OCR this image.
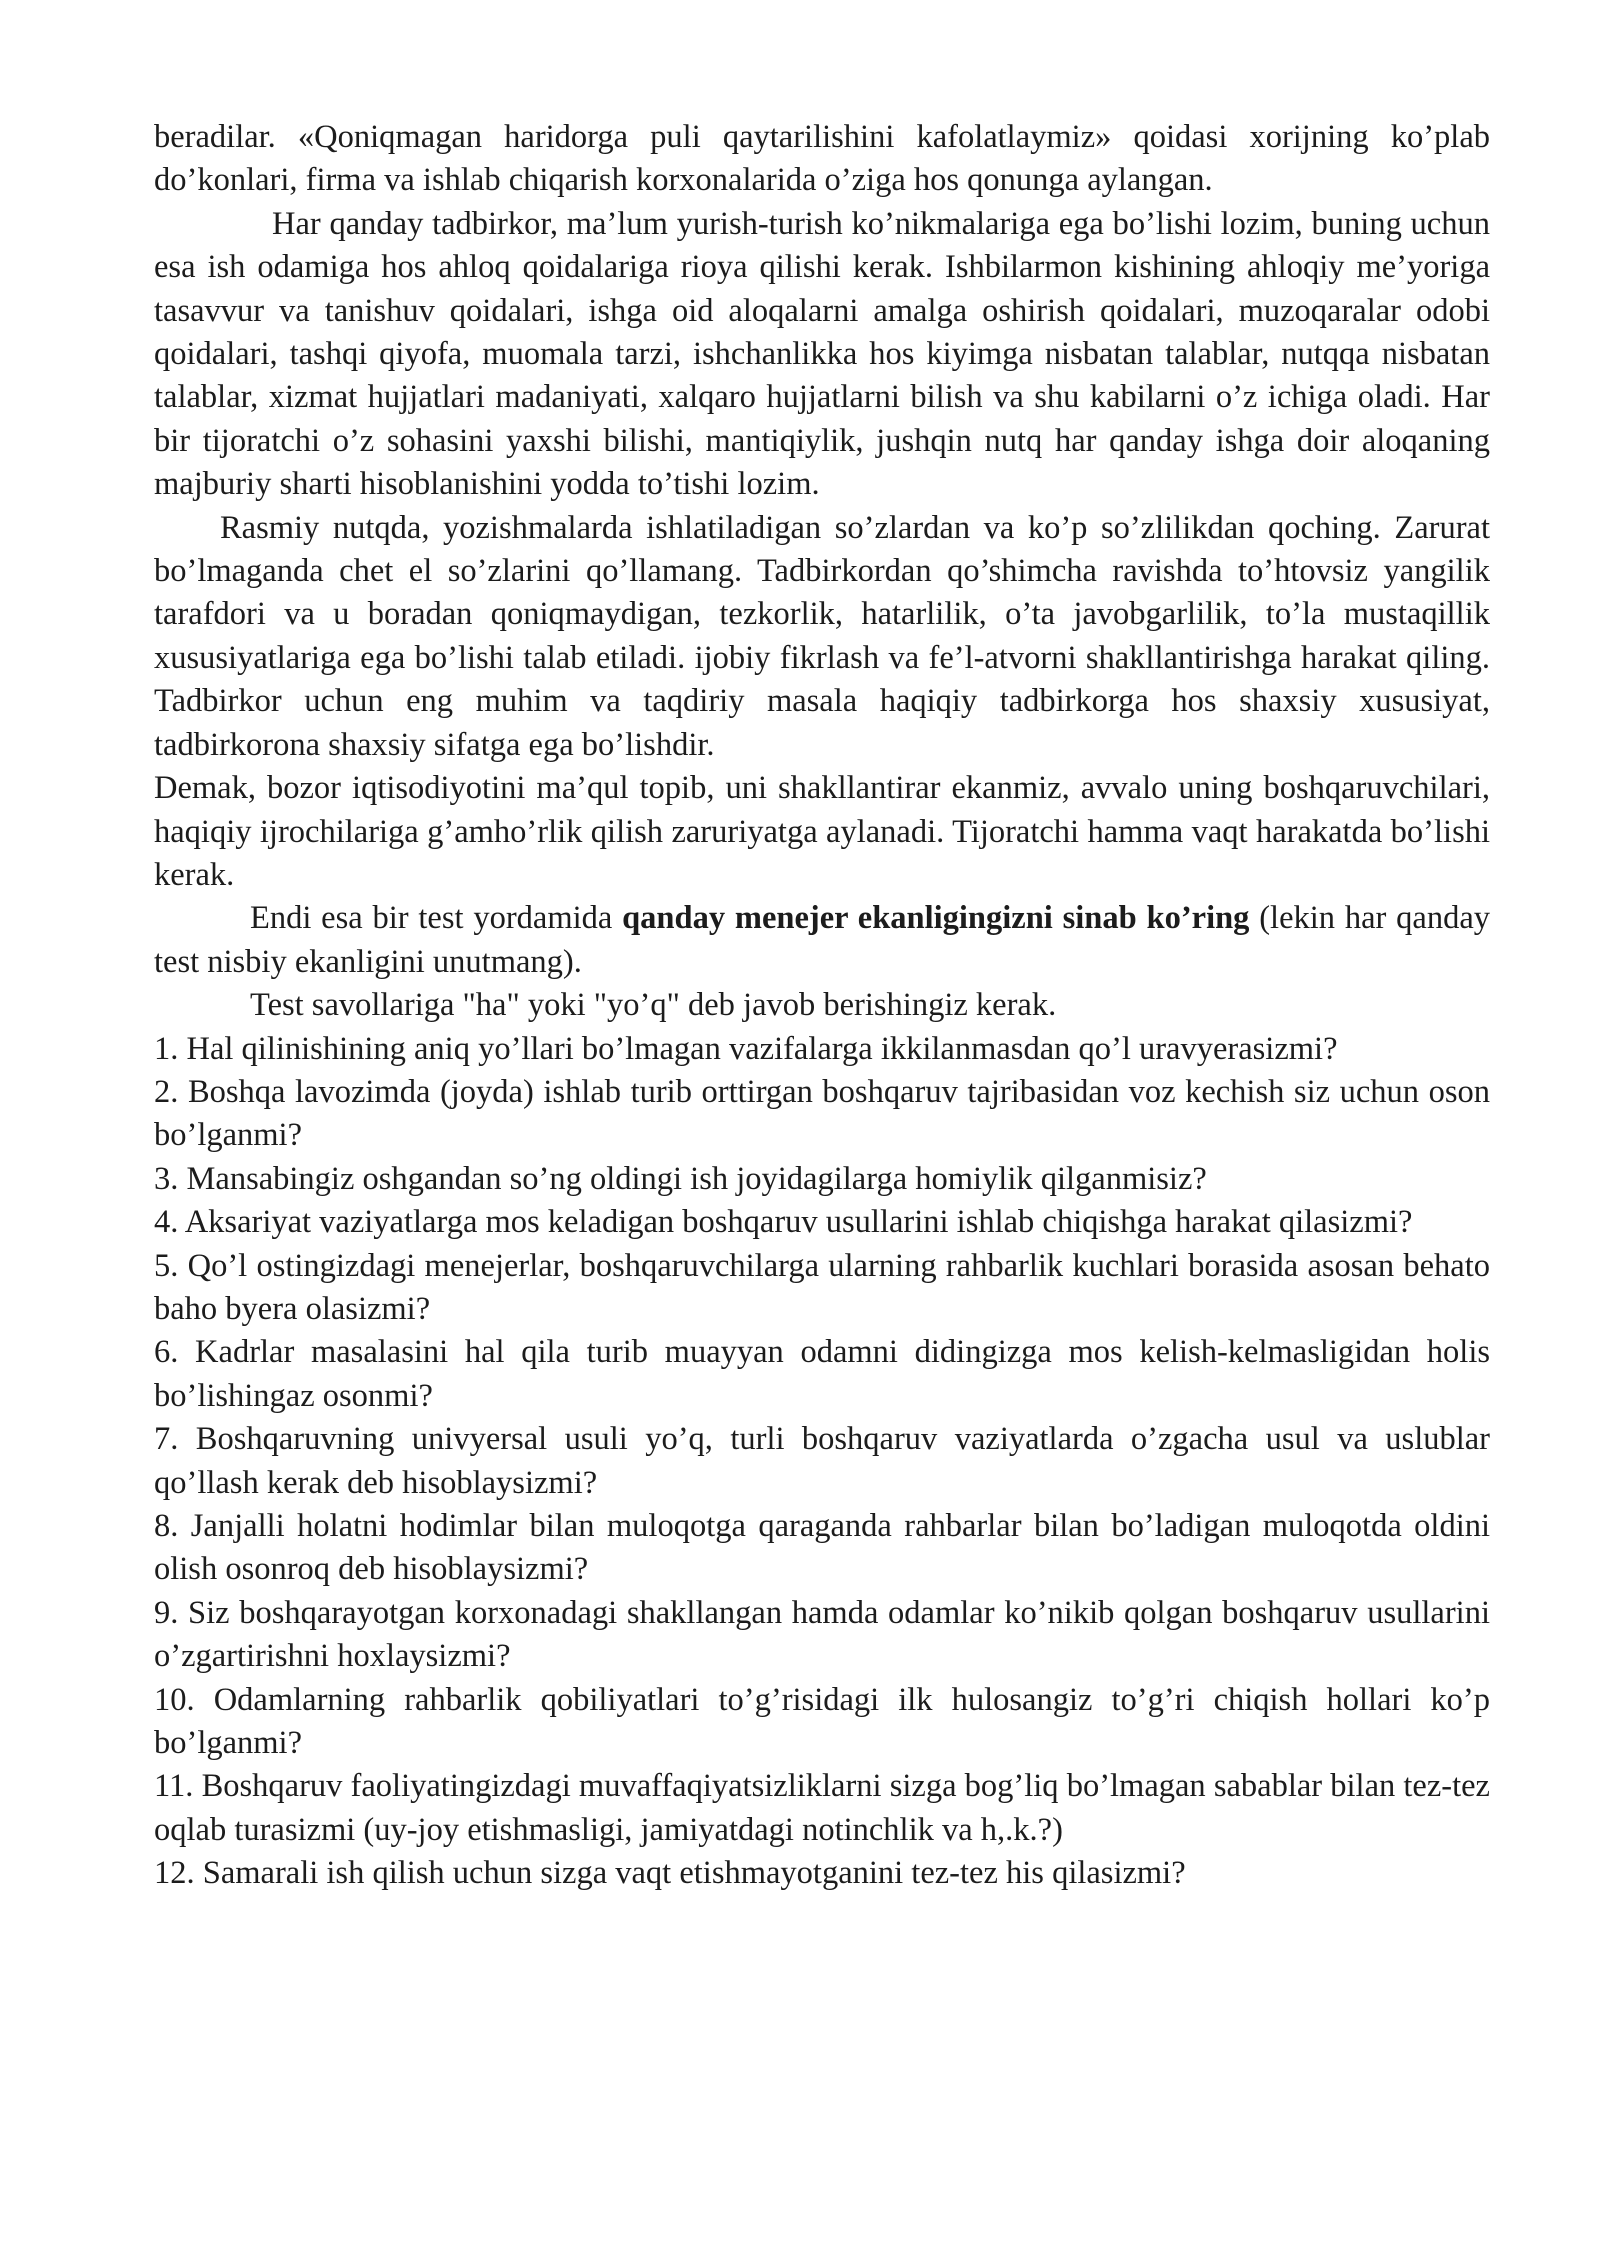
beradilar. «Qoniqmagan haridorga puli qaytarilishini kafolatlaymiz» qoidasi xorijning ko’plab do’konlari, firma va ishlab chiqarish korxonalarida o’ziga hos qonunga aylangan.

Har qanday tadbirkor, ma’lum yurish-turish ko’nikmalariga ega bo’lishi lozim, buning uchun esa ish odamiga hos ahloq qoidalariga rioya qilishi kerak. Ishbilarmon kishining ahloqiy me’yoriga tasavvur va tanishuv qoidalari, ishga oid aloqalarni amalga oshirish qoidalari, muzoqaralar odobi qoidalari, tashqi qiyofa, muomala tarzi, ishchanlikka hos kiyimga nisbatan talablar, nutqqa nisbatan talablar, xizmat hujjatlari madaniyati, xalqaro hujjatlarni bilish va shu kabilarni o’z ichiga oladi. Har bir tijoratchi o’z sohasini yaxshi bilishi, mantiqiylik, jushqin nutq har qanday ishga doir aloqaning majburiy sharti hisoblanishini yodda to’tishi lozim.

Rasmiy nutqda, yozishmalarda ishlatiladigan so’zlardan va ko’p so’zlilikdan qoching. Zarurat bo’lmaganda chet el so’zlarini qo’llamang. Tadbirkordan qo’shimcha ravishda to’htovsiz yangilik tarafdori va u boradan qoniqmaydigan, tezkorlik, hatarlilik, o’ta javobgarlilik, to’la mustaqillik xususiyatlariga ega bo’lishi talab etiladi. ijobiy fikrlash va fe’l-atvorni shakllantirishga harakat qiling. Tadbirkor uchun eng muhim va taqdiriy masala haqiqiy tadbirkorga hos shaxsiy xususiyat, tadbirkorona shaxsiy sifatga ega bo’lishdir.

Demak, bozor iqtisodiyotini ma’qul topib, uni shakllantirar ekanmiz, avvalo uning boshqaruvchilari, haqiqiy ijrochilariga g’amho’rlik qilish zaruriyatga aylanadi. Tijoratchi hamma vaqt harakatda bo’lishi kerak.

Endi esa bir test yordamida qanday menejer ekanligingizni sinab ko’ring (lekin har qanday test nisbiy ekanligini unutmang).

Test savollariga "ha" yoki "yo’q" deb javob berishingiz kerak.

1. Hal qilinishining aniq yo’llari bo’lmagan vazifalarga ikkilanmasdan qo’l uravyerasizmi?

2. Boshqa lavozimda (joyda) ishlab turib orttirgan boshqaruv tajribasidan voz kechish siz uchun oson bo’lganmi?

3. Mansabingiz oshgandan so’ng oldingi ish joyidagilarga homiylik qilganmisiz?

4. Aksariyat vaziyatlarga mos keladigan boshqaruv usullarini ishlab chiqishga harakat qilasizmi?

5. Qo’l ostingizdagi menejerlar, boshqaruvchilarga ularning rahbarlik kuchlari borasida asosan behato baho byera olasizmi?

6. Kadrlar masalasini hal qila turib muayyan odamni didingizga mos kelish-kelmasligidan holis bo’lishingaz osonmi?

7. Boshqaruvning univyersal usuli yo’q, turli boshqaruv vaziyatlarda o’zgacha usul va uslublar qo’llash kerak deb hisoblaysizmi?

8. Janjalli holatni hodimlar bilan muloqotga qaraganda rahbarlar bilan bo’ladigan muloqotda oldini olish osonroq deb hisoblaysizmi?

9. Siz boshqarayotgan korxonadagi shakllangan hamda odamlar ko’nikib qolgan boshqaruv usullarini o’zgartirishni hoxlaysizmi?

10. Odamlarning rahbarlik qobiliyatlari to’g’risidagi ilk hulosangiz to’g’ri chiqish hollari ko’p bo’lganmi?

11. Boshqaruv faoliyatingizdagi muvaffaqiyatsizliklarni sizga bog’liq bo’lmagan sabablar bilan tez-tez oqlab turasizmi (uy-joy etishmasligi, jamiyatdagi notinchlik va h,.k.?)

12. Samarali ish qilish uchun sizga vaqt etishmayotganini tez-tez his qilasizmi?
